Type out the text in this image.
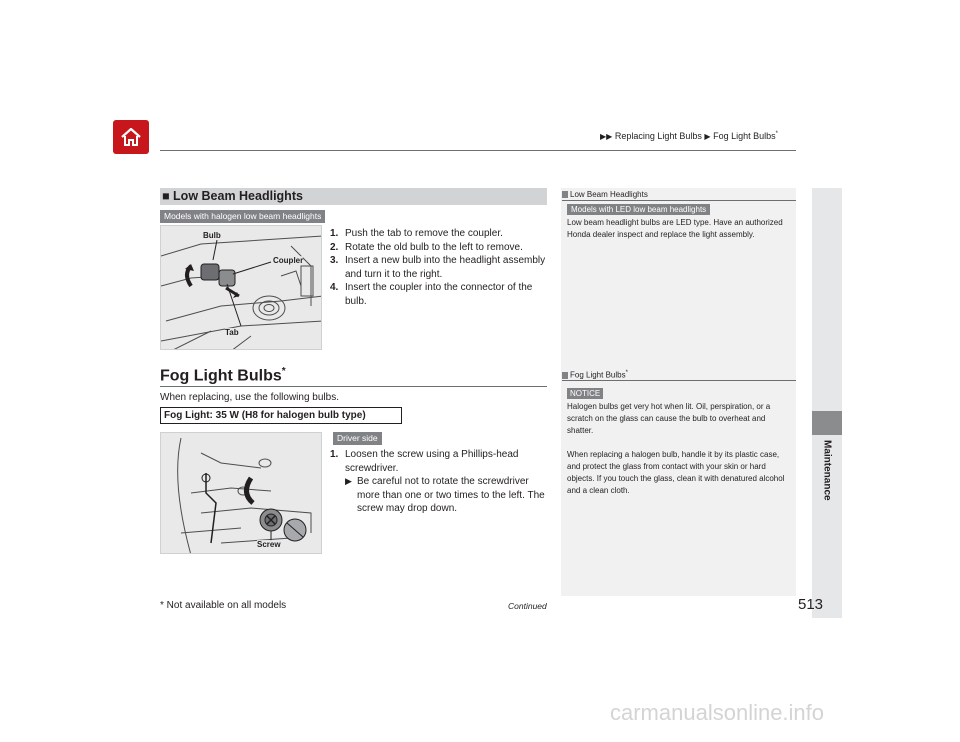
▶▶ Replacing Light Bulbs ▶ Fog Light Bulbs*
Maintenance
■ Low Beam Headlights
Models with halogen low beam headlights
Bulb
Coupler
Tab
1. Push the tab to remove the coupler.
2. Rotate the old bulb to the left to remove.
3. Insert a new bulb into the headlight assembly and turn it to the right.
4. Insert the coupler into the connector of the bulb.
Fog Light Bulbs*
When replacing, use the following bulbs.
Fog Light: 35 W (H8 for halogen bulb type)
Screw
Driver side
1. Loosen the screw using a Phillips-head screwdriver.
▶ Be careful not to rotate the screwdriver more than one or two times to the left. The screw may drop down.
Low Beam Headlights
Models with LED low beam headlights
Low beam headlight bulbs are LED type. Have an authorized Honda dealer inspect and replace the light assembly.
Fog Light Bulbs*
NOTICE
Halogen bulbs get very hot when lit. Oil, perspiration, or a scratch on the glass can cause the bulb to overheat and shatter.
When replacing a halogen bulb, handle it by its plastic case, and protect the glass from contact with your skin or hard objects. If you touch the glass, clean it with denatured alcohol and a clean cloth.
* Not available on all models	Continued	513
carmanualsonline.info
